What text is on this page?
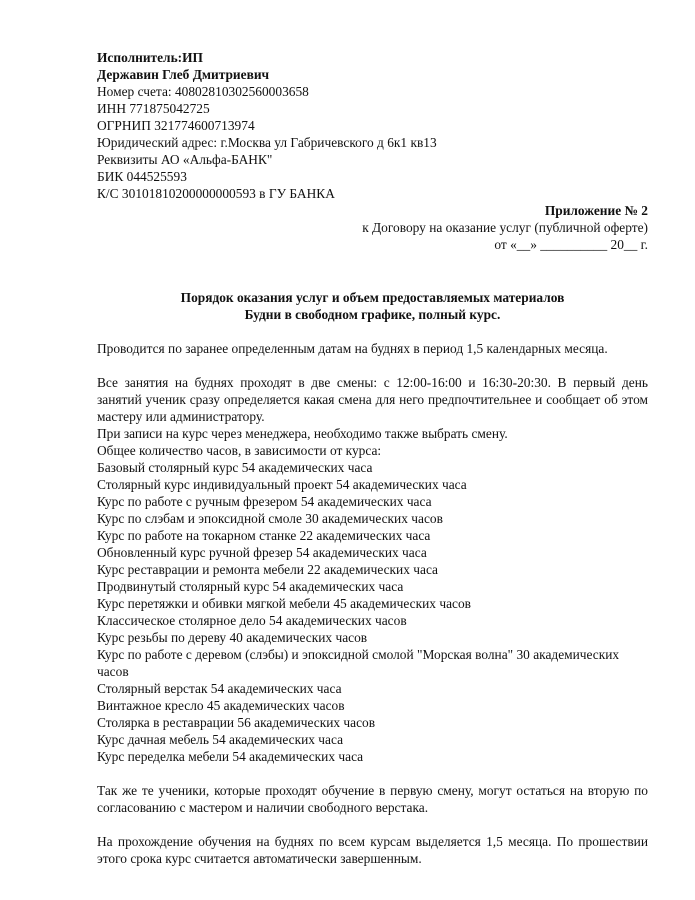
Исполнитель:ИП
Державин Глеб Дмитриевич
Номер счета: 40802810302560003658
ИНН 771875042725
ОГРНИП 321774600713974
Юридический адрес: г.Москва ул Габричевского д 6к1 кв13
Реквизиты АО «Альфа-БАНК"
БИК 044525593
К/С 30101810200000000593 в ГУ БАНКА
Приложение № 2
к Договору на оказание услуг (публичной оферте)
от «__» __________ 20__ г.
Порядок оказания услуг и объем предоставляемых материалов
Будни в свободном графике, полный курс.
Проводится по заранее определенным датам на буднях в период 1,5 календарных месяца.
Все занятия на буднях проходят в две смены: с 12:00-16:00 и 16:30-20:30. В первый день занятий ученик сразу определяется какая смена для него предпочтительнее и сообщает об этом мастеру или администратору.
При записи на курс через менеджера, необходимо также выбрать смену.
Общее количество часов, в зависимости от курса:
Базовый столярный курс 54 академических часа
Столярный курс индивидуальный проект 54 академических часа
Курс по работе с ручным фрезером 54 академических часа
Курс по слэбам и эпоксидной смоле 30 академических часов
Курс по работе на токарном станке 22 академических часа
Обновленный курс ручной фрезер 54 академических часа
Курс реставрации и ремонта мебели 22 академических часа
Продвинутый столярный курс 54 академических часа
Курс перетяжки и обивки мягкой мебели 45 академических часов
Классическое столярное дело 54 академических часов
Курс резьбы по дереву 40 академических часов
Курс по работе с деревом (слэбы) и эпоксидной смолой "Морская волна" 30 академических часов
Столярный верстак 54 академических часа
Винтажное кресло 45 академических часов
Столярка в реставрации 56 академических часов
Курс дачная мебель 54 академических часа
Курс переделка мебели 54 академических часа
Так же те ученики, которые проходят обучение в первую смену, могут остаться на вторую по согласованию с мастером и наличии свободного верстака.
На прохождение обучения на буднях по всем курсам выделяется 1,5 месяца. По прошествии этого срока курс считается автоматически завершенным.
